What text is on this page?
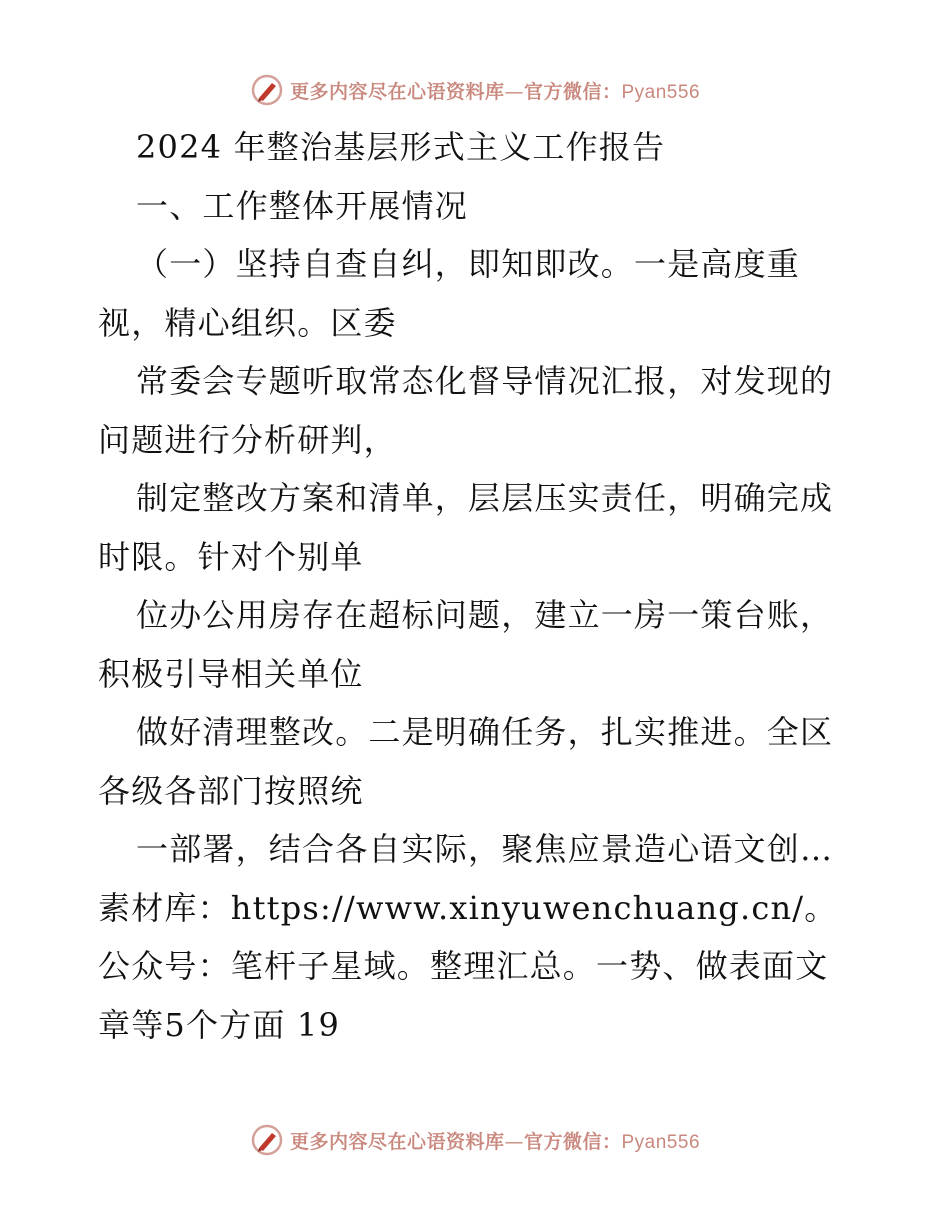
更多内容尽在心语资料库—官方微信：Pyan556

2024 年整治基层形式主义工作报告

一、工作整体开展情况

（一）坚持自查自纠，即知即改。一是高度重视，精心组织。区委

常委会专题听取常态化督导情况汇报，对发现的问题进行分析研判，

制定整改方案和清单，层层压实责任，明确完成时限。针对个别单

位办公用房存在超标问题，建立一房一策台账，积极引导相关单位

做好清理整改。二是明确任务，扎实推进。全区各级各部门按照统

一部署，结合各自实际，聚焦应景造心语文创…素材库：https://www.xinyuwenchuang.cn/。公众号：笔杆子星域。整理汇总。一势、做表面文章等5个方面 19

更多内容尽在心语资料库—官方微信：Pyan556
